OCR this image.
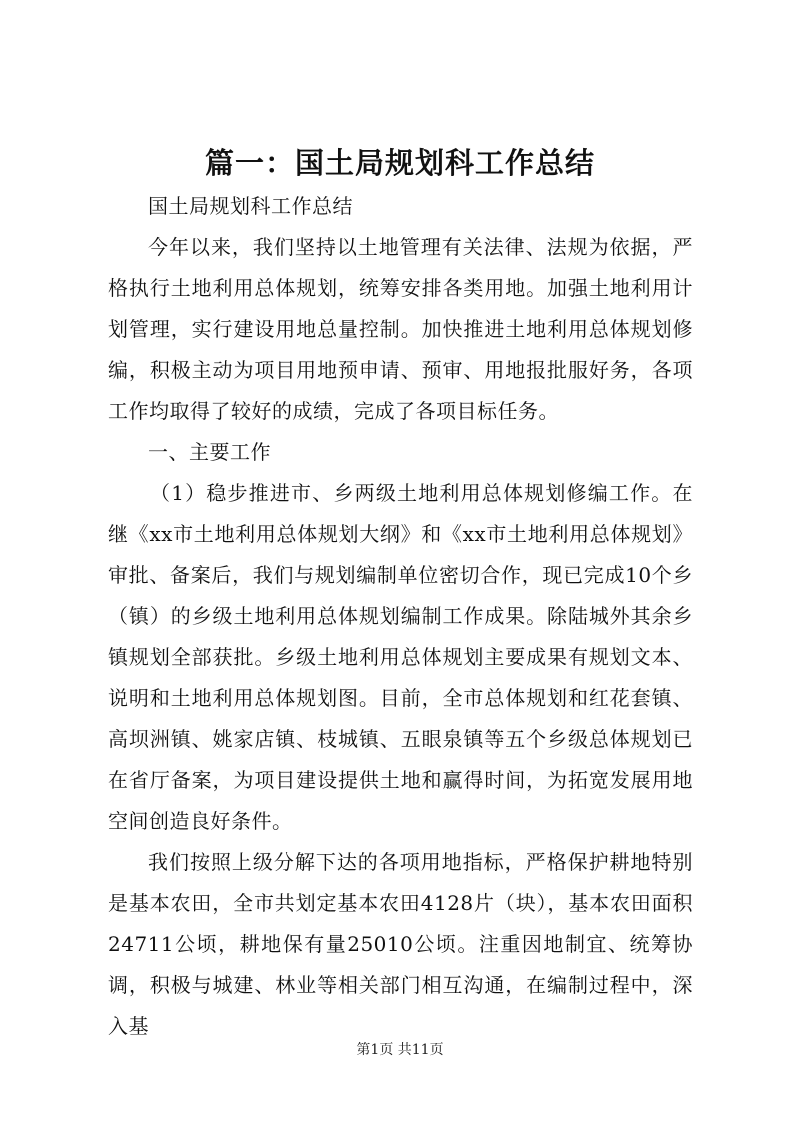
篇一：国土局规划科工作总结

国土局规划科工作总结

今年以来，我们坚持以土地管理有关法律、法规为依据，严格执行土地利用总体规划，统筹安排各类用地。加强土地利用计划管理，实行建设用地总量控制。加快推进土地利用总体规划修编，积极主动为项目用地预申请、预审、用地报批服好务，各项工作均取得了较好的成绩，完成了各项目标任务。

一、主要工作

（1）稳步推进市、乡两级土地利用总体规划修编工作。在继《xx市土地利用总体规划大纲》和《xx市土地利用总体规划》审批、备案后，我们与规划编制单位密切合作，现已完成10个乡（镇）的乡级土地利用总体规划编制工作成果。除陆城外其余乡镇规划全部获批。乡级土地利用总体规划主要成果有规划文本、说明和土地利用总体规划图。目前，全市总体规划和红花套镇、高坝洲镇、姚家店镇、枝城镇、五眼泉镇等五个乡级总体规划已在省厅备案，为项目建设提供土地和赢得时间，为拓宽发展用地空间创造良好条件。

我们按照上级分解下达的各项用地指标，严格保护耕地特别是基本农田，全市共划定基本农田4128片（块），基本农田面积24711公顷，耕地保有量25010公顷。注重因地制宜、统筹协调，积极与城建、林业等相关部门相互沟通，在编制过程中，深入基

第1页 共11页
